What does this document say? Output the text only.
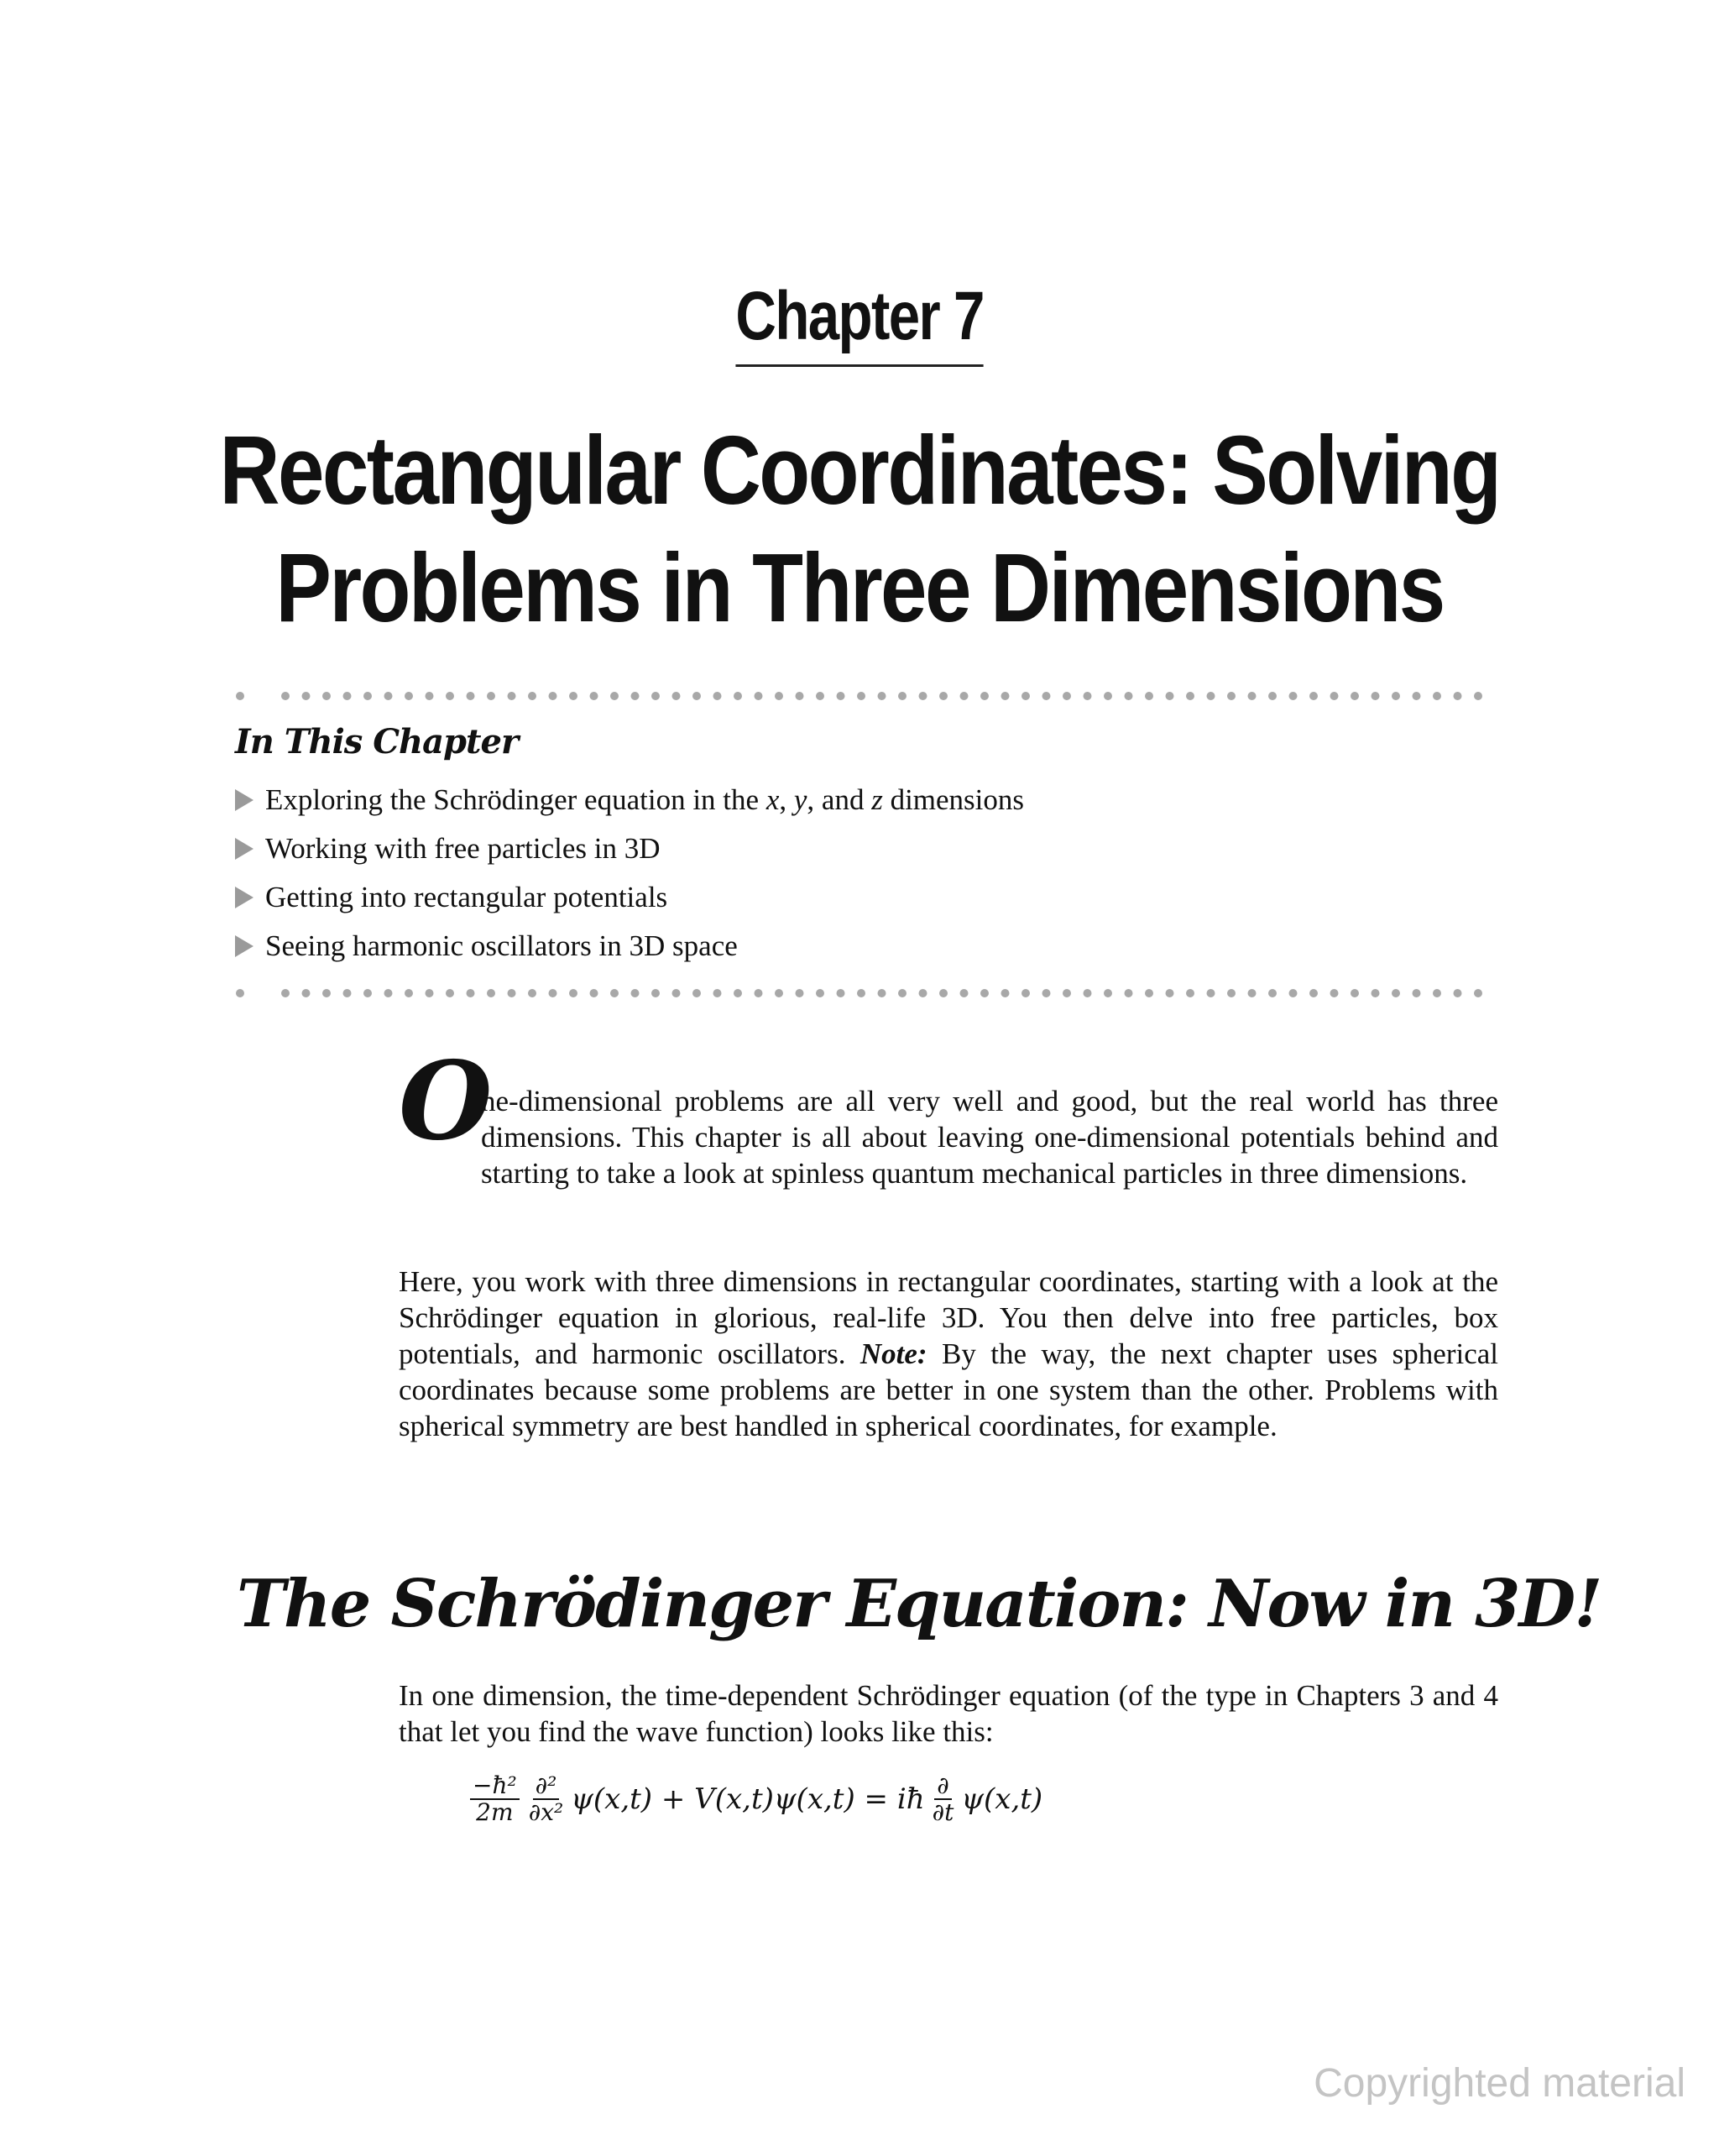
Chapter 7
Rectangular Coordinates: Solving
Problems in Three Dimensions
In This Chapter
Exploring the Schrödinger equation in the x, y, and z dimensions
Working with free particles in 3D
Getting into rectangular potentials
Seeing harmonic oscillators in 3D space
O
ne-dimensional problems are all very well and good, but the real world has three dimensions. This chapter is all about leaving one-dimensional potentials behind and starting to take a look at spinless quantum mechanical particles in three dimensions.
Here, you work with three dimensions in rectangular coordinates, starting with a look at the Schrödinger equation in glorious, real-life 3D. You then delve into free particles, box potentials, and harmonic oscillators. Note: By the way, the next chapter uses spherical coordinates because some problems are better in one system than the other. Problems with spherical symmetry are best handled in spherical coordinates, for example.
The Schrödinger Equation: Now in 3D!
In one dimension, the time-dependent Schrödinger equation (of the type in Chapters 3 and 4 that let you find the wave function) looks like this:
$\frac{\text{−ħ²}}{2m} \frac{\text{∂²}}{\text{∂x²}} \psi(x,t) + V(x,t)\psi(x,t)$ = iħ $\frac{\partial}{\partial t} \psi(x,t)$
Copyrighted material
